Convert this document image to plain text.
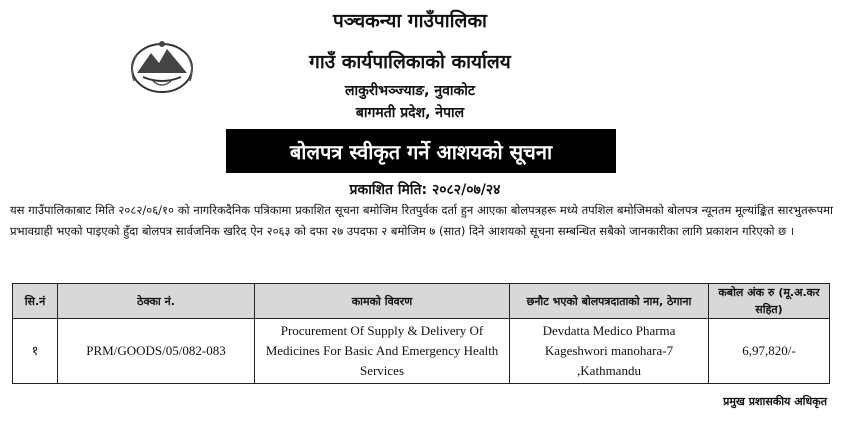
पञ्चकन्या गाउँपालिका
गाउँ कार्यपालिकाको कार्यालय
लाकुरीभञ्ज्याङ, नुवाकोट
बागमती प्रदेश, नेपाल
बोलपत्र स्वीकृत गर्ने आशयको सूचना
प्रकाशित मिति: २०८२/०७/२४
यस गाउँपालिकाबाट मिति २०८२/०६/१० को नागरिकदैनिक पत्रिकामा प्रकाशित सूचना बमोजिम रितपुर्वक दर्ता हुन आएका बोलपत्रहरू मध्ये तपशिल बमोजिमको बोलपत्र न्यूनतम मूल्यांङ्कित सारभुतरूपमा प्रभावग्राही भएको पाइएको हुँदा बोलपत्र सार्वजनिक खरिद ऐन २०६३ को दफा २७ उपदफा २ बमोजिम ७ (सात) दिने आशयको सूचना सम्बन्धित सबैको जानकारीका लागि प्रकाशन गरिएको छ ।
सि.नं	ठेक्का नं.	कामको विवरण	छनौट भएको बोलपत्रदाताको नाम, ठेगाना	कबोल अंक रु (मू.अ.कर सहित)
१	PRM/GOODS/05/082-083	Procurement Of Supply & Delivery Of Medicines For Basic And Emergency Health Services	Devdatta Medico Pharma Kageshwori manohara-7 ,Kathmandu	6,97,820/-
प्रमुख प्रशासकीय अधिकृत
